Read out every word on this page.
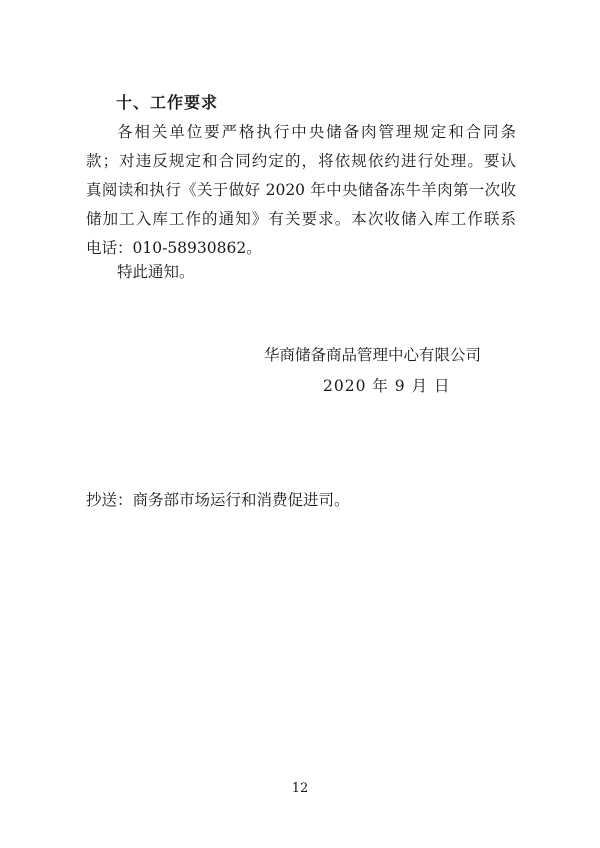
十、工作要求
各相关单位要严格执行中央储备肉管理规定和合同条
款；对违反规定和合同约定的，将依规依约进行处理。要认
真阅读和执行《关于做好 2020 年中央储备冻牛羊肉第一次收
储加工入库工作的通知》有关要求。本次收储入库工作联系
电话：010-58930862。
特此通知。
华商储备商品管理中心有限公司
2020 年 9 月 日
抄送：商务部市场运行和消费促进司。
12
